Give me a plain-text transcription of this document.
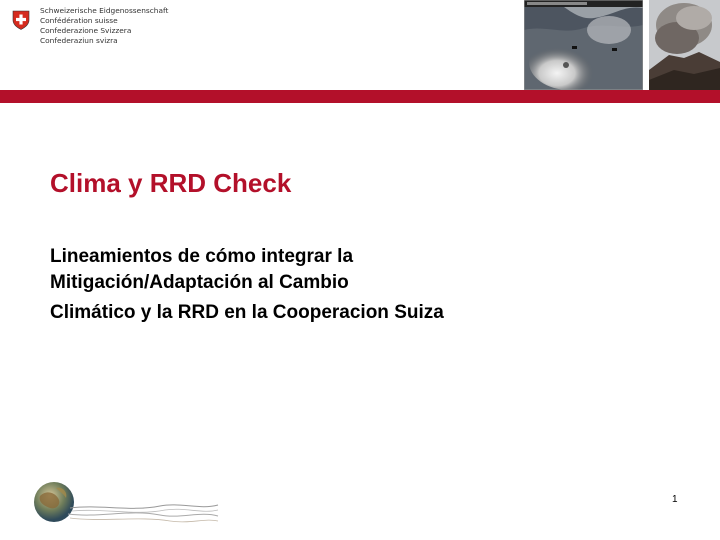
Schweizerische Eidgenossenschaft
Confédération suisse
Confederazione Svizzera
Confederaziun svizra
Clima y RRD Check
Lineamientos de cómo integrar la
Mitigación/Adaptación al Cambio
Climático y la RRD en la Cooperacion Suiza
1
